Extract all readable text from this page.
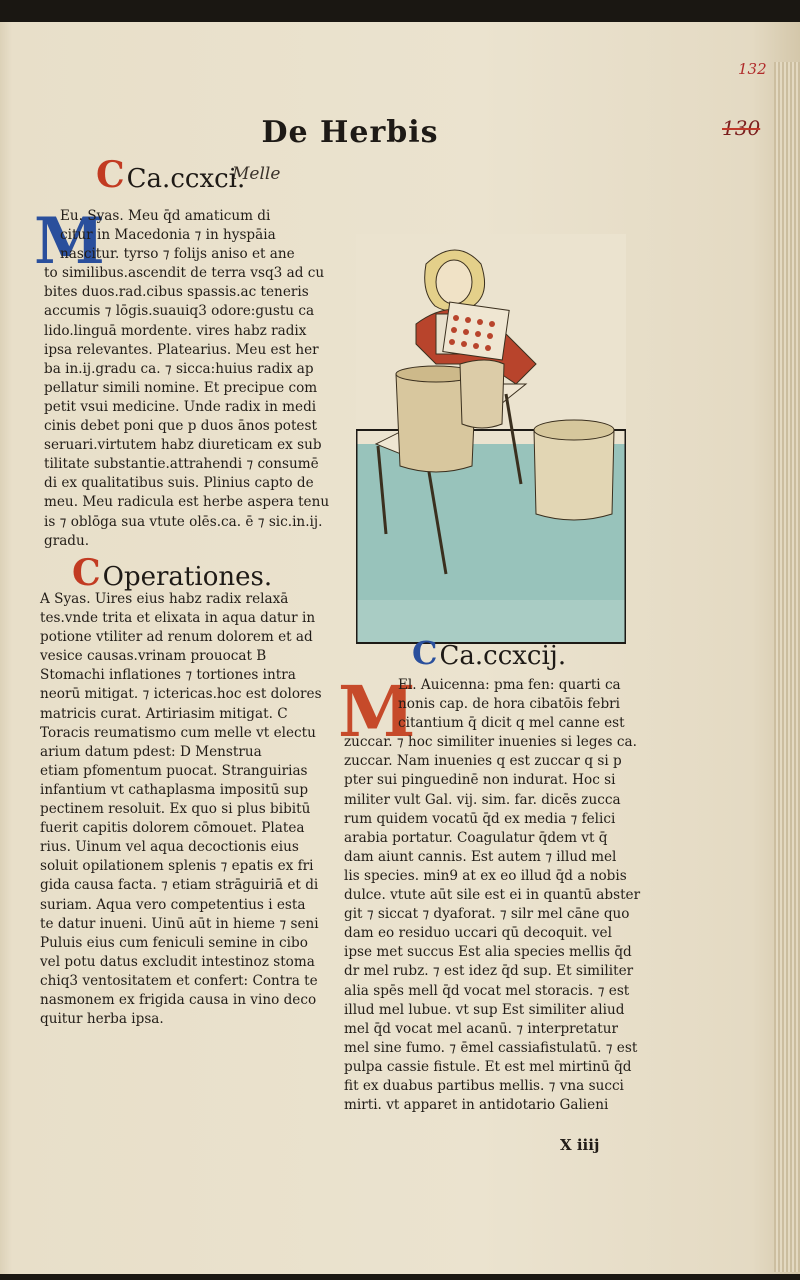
132
130
De Herbis
Melle
CCa.ccxci.
M
Eu. Syas. Meu q̄d amaticum di
citur in Macedonia ⁊ in hyspāia
nascitur. tyrso ⁊ folijs aniso et ane
to similibus.ascendit de terra vsq3 ad cu
bites duos.rad.cibus spassis.ac teneris
accumis ⁊ lōgis.suauiq3 odore:gustu ca
lido.linguā mordente. vires habz radix
ipsa relevantes. Platearius. Meu est her
ba in.ij.gradu ca. ⁊ sicca:huius radix ap
pellatur simili nomine. Et precipue com
petit vsui medicine. Unde radix in medi
cinis debet poni que p duos ānos potest
seruari.virtutem habz diureticam ex sub
tilitate substantie.attrahendi ⁊ consumē
di ex qualitatibus suis. Plinius capto de
meu. Meu radicula est herbe aspera tenu
is ⁊ oblōga sua vtute olēs.ca. ē ⁊ sic.in.ij.
gradu.
COperationes.
A Syas. Uires eius habz radix relaxā
tes.vnde trita et elixata in aqua datur in
potione vtiliter ad renum dolorem et ad
vesice causas.vrinam prouocat B
Stomachi inflationes ⁊ tortiones intra
neorū mitigat. ⁊ ictericas.hoc est dolores
matricis curat. Artiriasim mitigat. C
Toracis reumatismo cum melle vt electu
arium datum pdest: D Menstrua
etiam pfomentum puocat. Stranguirias
infantium vt cathaplasma impositū sup
pectinem resoluit. Ex quo si plus bibitū
fuerit capitis dolorem cōmouet. Platea
rius. Uinum vel aqua decoctionis eius
soluit opilationem splenis ⁊ epatis ex fri
gida causa facta. ⁊ etiam strāguiriā et di
suriam. Aqua vero competentius i esta
te datur inueni. Uinū aūt in hieme ⁊ seni
Puluis eius cum feniculi semine in cibo
vel potu datus excludit intestinoz stoma
chiq3 ventositatem et confert: Contra te
nasmonem ex frigida causa in vino deco
quitur herba ipsa.
CCa.ccxcij.
M
El. Auicenna: pma fen: quarti ca
nonis cap. de hora cibatōis febri
citantium q̄ dicit q mel canne est
zuccar. ⁊ hoc similiter inuenies si leges ca.
zuccar. Nam inuenies q est zuccar q si p
pter sui pinguedinē non indurat. Hoc si
militer vult Gal. vij. sim. far. dicēs zucca
rum quidem vocatū q̄d ex media ⁊ felici
arabia portatur. Coagulatur q̄dem vt q̄
dam aiunt cannis. Est autem ⁊ illud mel
lis species. min9 at ex eo illud q̄d a nobis
dulce. vtute aūt sile est ei in quantū abster
git ⁊ siccat ⁊ dyaforat. ⁊ silr mel cāne quo
dam eo residuo uccari qū decoquit. vel
ipse met succus Est alia species mellis q̄d
dr mel rubz. ⁊ est idez q̄d sup. Et similiter
alia spēs mell q̄d vocat mel storacis. ⁊ est
illud mel lubue. vt sup Est similiter aliud
mel q̄d vocat mel acanū. ⁊ interpretatur
mel sine fumo. ⁊ ēmel cassiafistulatū. ⁊ est
pulpa cassie fistule. Et est mel mirtinū q̄d
fit ex duabus partibus mellis. ⁊ vna succi
mirti. vt apparet in antidotario Galieni
X iiij
